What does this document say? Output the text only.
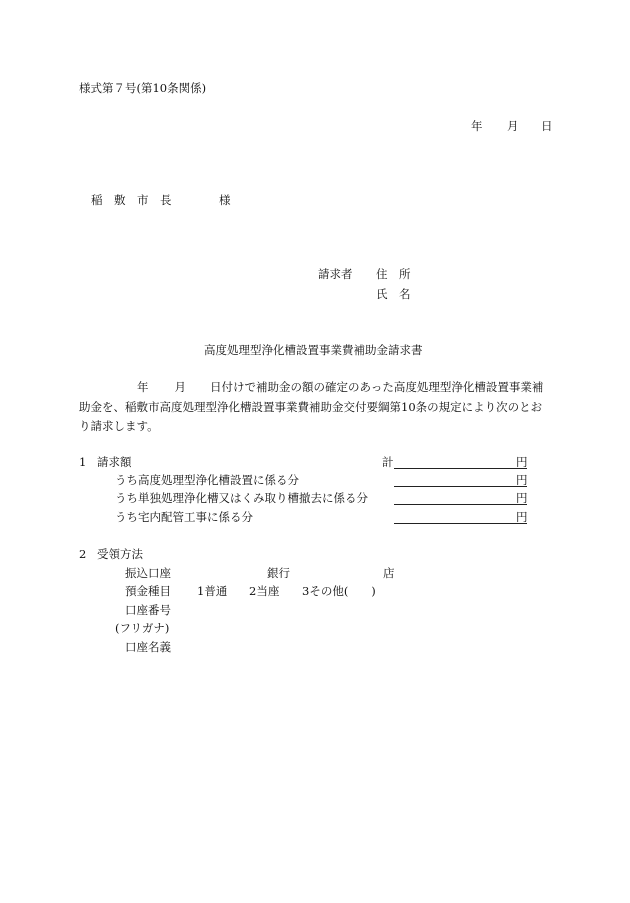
様式第７号(第10条関係)
年 月 日
稲　敷　市　長	様
請求者 住　所
氏　名
高度処理型浄化槽設置事業費補助金請求書
年 月 日付けで補助金の額の確定のあった高度処理型浄化槽設置事業補助金を、稲敷市高度処理型浄化槽設置事業費補助金交付要綱第10条の規定により次のとおり請求します。
1 請求額	計	円
うち高度処理型浄化槽設置に係る分	円
うち単独処理浄化槽又はくみ取り槽撤去に係る分	円
うち宅内配管工事に係る分	円
2 受領方法
振込口座	銀行	店
預金種目 1普通 2当座 3その他(　　)
口座番号
(フリガナ)
口座名義
